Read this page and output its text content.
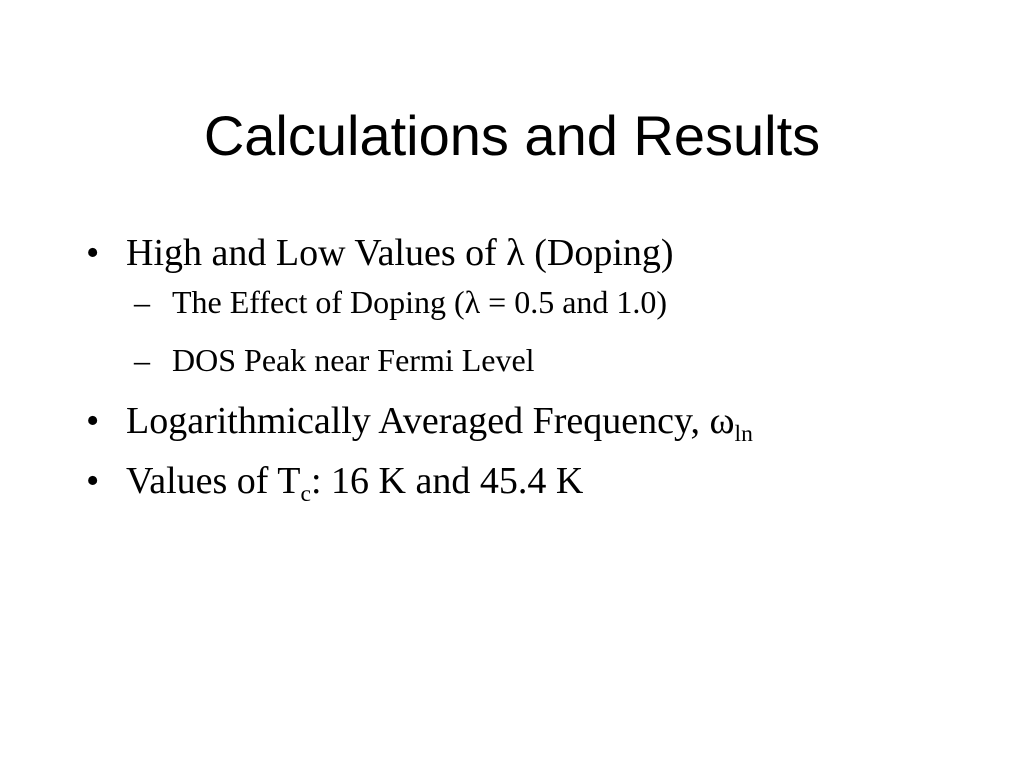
Calculations and Results
• High and Low Values of λ (Doping)
– The Effect of Doping (λ = 0.5 and 1.0)
– DOS Peak near Fermi Level
• Logarithmically Averaged Frequency, $\omega_{ln}$
• Values of $T_c$: 16 K and 45.4 K
